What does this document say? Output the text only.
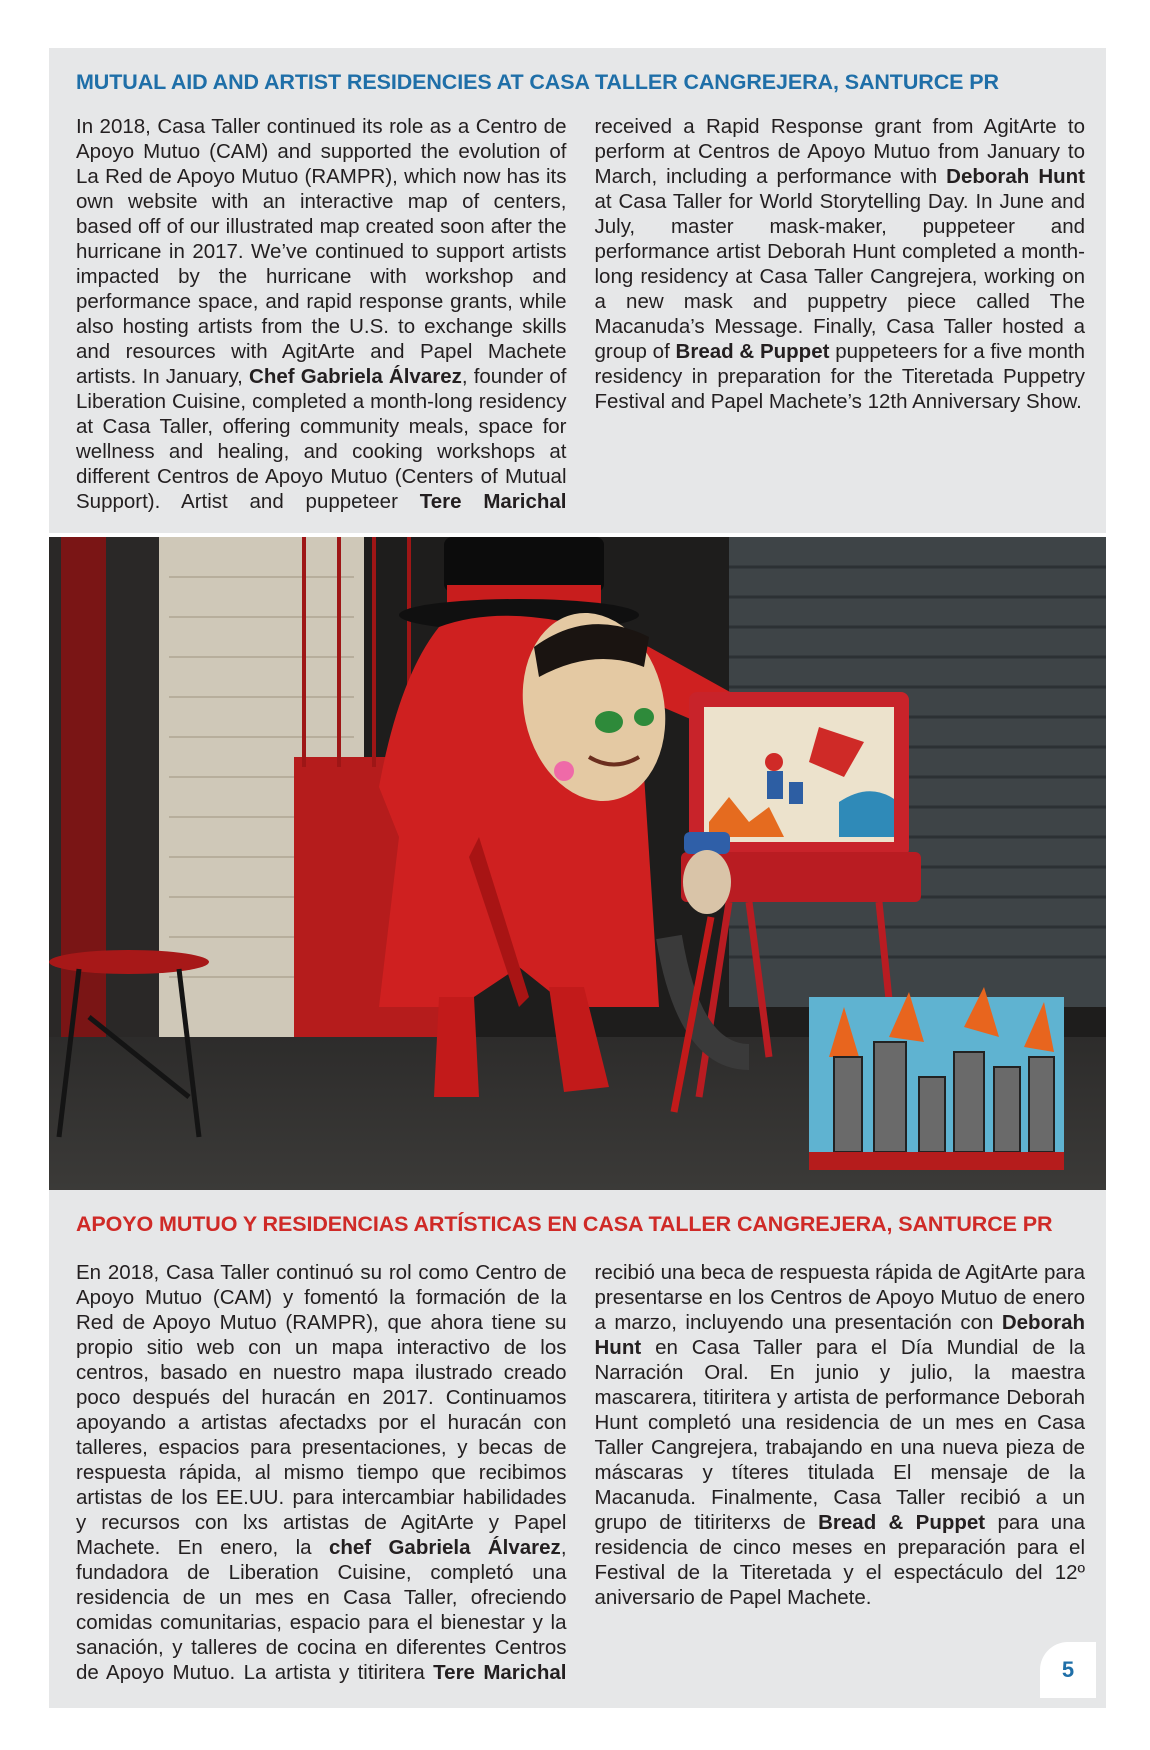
MUTUAL AID AND ARTIST RESIDENCIES AT CASA TALLER CANGREJERA, SANTURCE PR

In 2018, Casa Taller continued its role as a Centro de Apoyo Mutuo (CAM) and supported the evolution of La Red de Apoyo Mutuo (RAMPR), which now has its own website with an interactive map of centers, based off of our illustrated map created soon after the hurricane in 2017. We’ve continued to support artists impacted by the hurricane with workshop and performance space, and rapid response grants, while also hosting artists from the U.S. to exchange skills and resources with AgitArte and Papel Machete artists. In January, Chef Gabriela Álvarez, founder of Liberation Cuisine, completed a month-long residency at Casa Taller, offering community meals, space for wellness and healing, and cooking workshops at different Centros de Apoyo Mutuo (Centers of Mutual Support). Artist and puppeteer Tere Marichal received a Rapid Response grant from AgitArte to perform at Centros de Apoyo Mutuo from January to March, including a performance with Deborah Hunt at Casa Taller for World Storytelling Day. In June and July, master mask-maker, puppeteer and performance artist Deborah Hunt completed a month-long residency at Casa Taller Cangrejera, working on a new mask and puppetry piece called The Macanuda’s Message. Finally, Casa Taller hosted a group of Bread & Puppet puppeteers for a five month residency in preparation for the Titeretada Puppetry Festival and Papel Machete’s 12th Anniversary Show.

APOYO MUTUO Y RESIDENCIAS ARTÍSTICAS EN CASA TALLER CANGREJERA, SANTURCE PR

En 2018, Casa Taller continuó su rol como Centro de Apoyo Mutuo (CAM) y fomentó la formación de la Red de Apoyo Mutuo (RAMPR), que ahora tiene su propio sitio web con un mapa interactivo de los centros, basado en nuestro mapa ilustrado creado poco después del huracán en 2017. Continuamos apoyando a artistas afectadxs por el huracán con talleres, espacios para presentaciones, y becas de respuesta rápida, al mismo tiempo que recibimos artistas de los EE.UU. para intercambiar habilidades y recursos con lxs artistas de AgitArte y Papel Machete. En enero, la chef Gabriela Álvarez, fundadora de Liberation Cuisine, completó una residencia de un mes en Casa Taller, ofreciendo comidas comunitarias, espacio para el bienestar y la sanación, y talleres de cocina en diferentes Centros de Apoyo Mutuo. La artista y titiritera Tere Marichal recibió una beca de respuesta rápida de AgitArte para presentarse en los Centros de Apoyo Mutuo de enero a marzo, incluyendo una presentación con Deborah Hunt en Casa Taller para el Día Mundial de la Narración Oral. En junio y julio, la maestra mascarera, titiritera y artista de performance Deborah Hunt completó una residencia de un mes en Casa Taller Cangrejera, trabajando en una nueva pieza de máscaras y títeres titulada El mensaje de la Macanuda. Finalmente, Casa Taller recibió a un grupo de titiriterxs de Bread & Puppet para una residencia de cinco meses en preparación para el Festival de la Titeretada y el espectáculo del 12º aniversario de Papel Machete.

5
